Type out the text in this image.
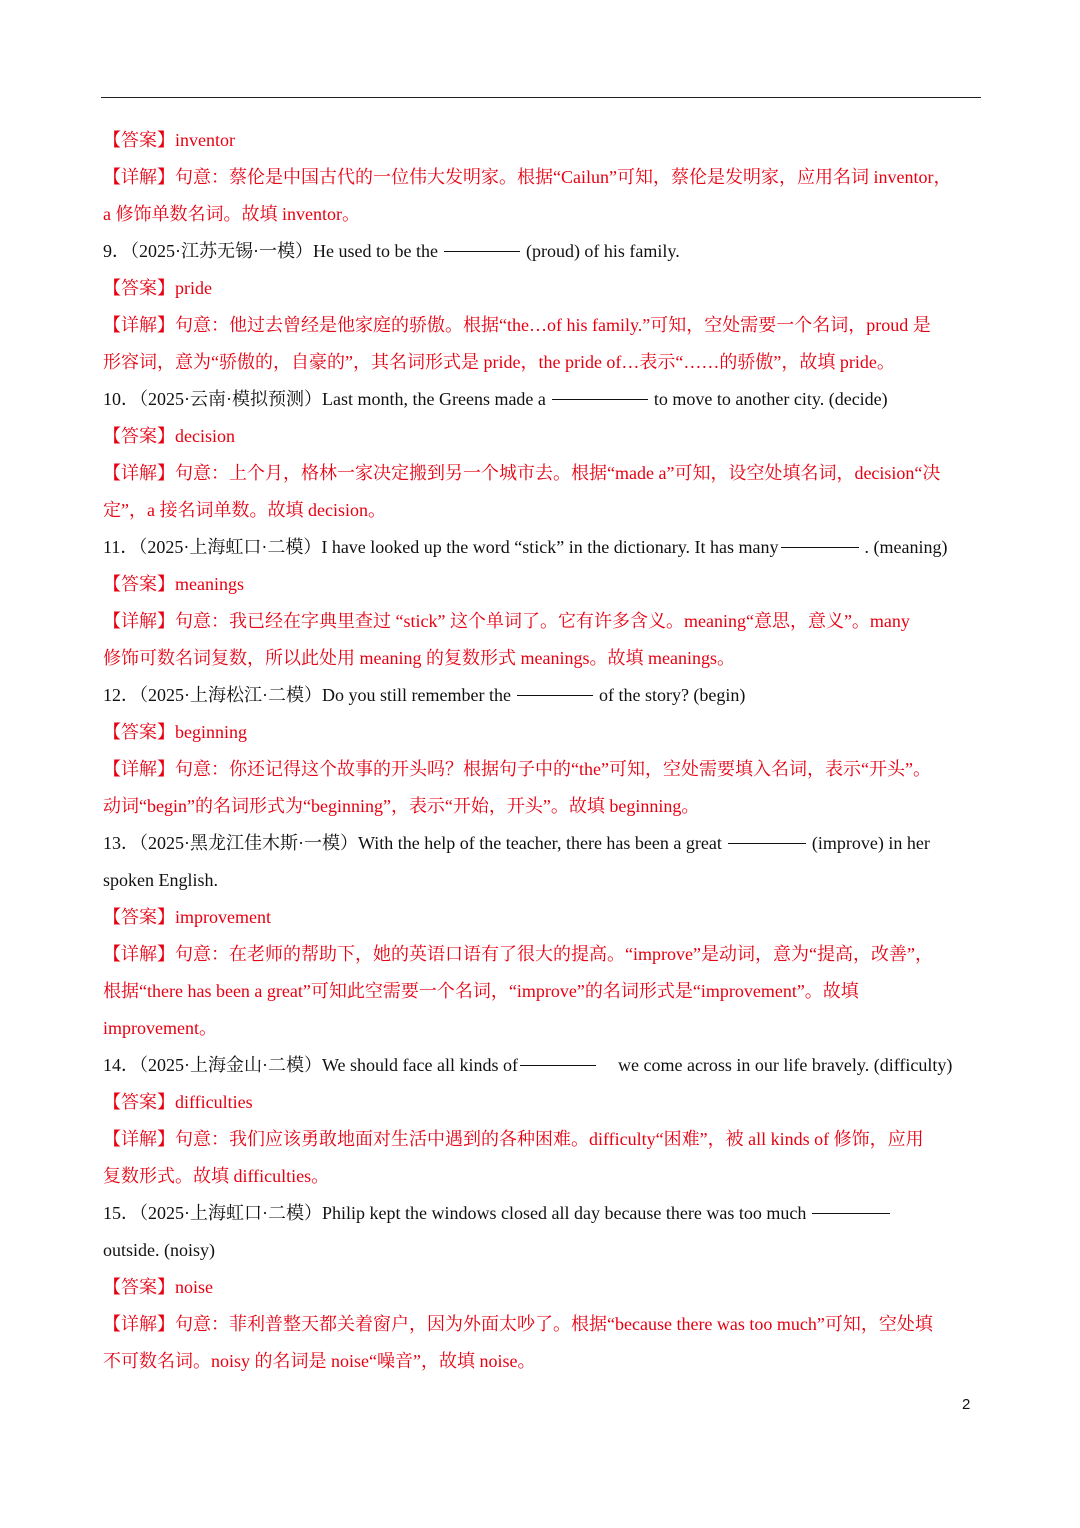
【答案】inventor
【详解】句意：蔡伦是中国古代的一位伟大发明家。根据“Cailun”可知，蔡伦是发明家，应用名词 inventor，
a 修饰单数名词。故填 inventor。
9．（2025·江苏无锡·一模）He used to be the	(proud) of his family.
【答案】pride
【详解】句意：他过去曾经是他家庭的骄傲。根据“the…of his family.”可知，空处需要一个名词，proud 是
形容词，意为“骄傲的，自豪的”，其名词形式是 pride，the pride of…表示“……的骄傲”，故填 pride。
10．（2025·云南·模拟预测）Last month, the Greens made a	to move to another city. (decide)
【答案】decision
【详解】句意：上个月，格林一家决定搬到另一个城市去。根据“made a”可知，设空处填名词，decision“决
定”，a 接名词单数。故填 decision。
11．（2025·上海虹口·二模）I have looked up the word “stick” in the dictionary. It has many	. (meaning)
【答案】meanings
【详解】句意：我已经在字典里查过 “stick” 这个单词了。它有许多含义。meaning“意思，意义”。many
修饰可数名词复数，所以此处用 meaning 的复数形式 meanings。故填 meanings。
12．（2025·上海松江·二模）Do you still remember the	of the story? (begin)
【答案】beginning
【详解】句意：你还记得这个故事的开头吗？根据句子中的“the”可知，空处需要填入名词，表示“开头”。
动词“begin”的名词形式为“beginning”，表示“开始，开头”。故填 beginning。
13．（2025·黑龙江佳木斯·一模）With the help of the teacher, there has been a great	(improve) in her
spoken English.
【答案】improvement
【详解】句意：在老师的帮助下，她的英语口语有了很大的提高。“improve”是动词，意为“提高，改善”，
根据“there has been a great”可知此空需要一个名词，“improve”的名词形式是“improvement”。故填
improvement。
14．（2025·上海金山·二模）We should face all kinds of	we come across in our life bravely. (difficulty)
【答案】difficulties
【详解】句意：我们应该勇敢地面对生活中遇到的各种困难。difficulty“困难”，被 all kinds of 修饰，应用
复数形式。故填 difficulties。
15．（2025·上海虹口·二模）Philip kept the windows closed all day because there was too much
outside. (noisy)
【答案】noise
【详解】句意：菲利普整天都关着窗户，因为外面太吵了。根据“because there was too much”可知，空处填
不可数名词。noisy 的名词是 noise“噪音”，故填 noise。
2
